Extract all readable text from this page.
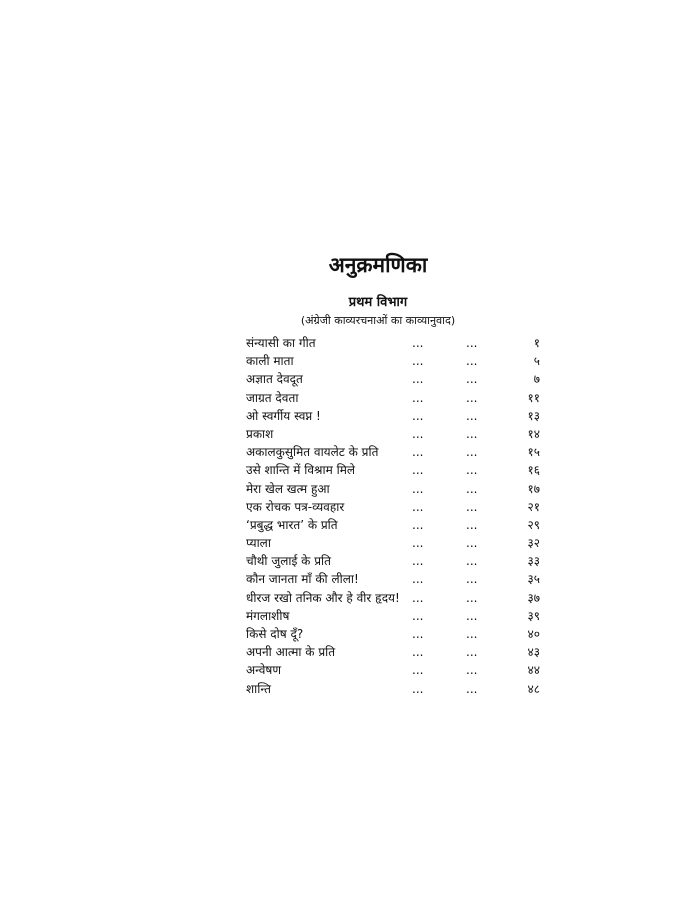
अनुक्रमणिका
प्रथम विभाग
(अंग्रेजी काव्यरचनाओं का काव्यानुवाद)
संन्यासी का गीत	...	...	१
काली माता	...	...	५
अज्ञात देवदूत	...	...	७
जाग्रत देवता	...	...	११
ओ स्वर्गीय स्वप्न !	...	...	१३
प्रकाश	...	...	१४
अकालकुसुमित वायलेट के प्रति	...	...	१५
उसे शान्ति में विश्राम मिले	...	...	१६
मेरा खेल खत्म हुआ	...	...	१७
एक रोचक पत्र-व्यवहार	...	...	२१
‘प्रबुद्ध भारत’ के प्रति	...	...	२९
प्याला	...	...	३२
चौथी जुलाई के प्रति	...	...	३३
कौन जानता माँ की लीला!	...	...	३५
धीरज रखो तनिक और हे वीर हृदय! ...	...	३७
मंगलाशीष	...	...	३९
किसे दोष दूँ?	...	...	४०
अपनी आत्मा के प्रति	...	...	४३
अन्वेषण	...	...	४४
शान्ति	...	...	४८
